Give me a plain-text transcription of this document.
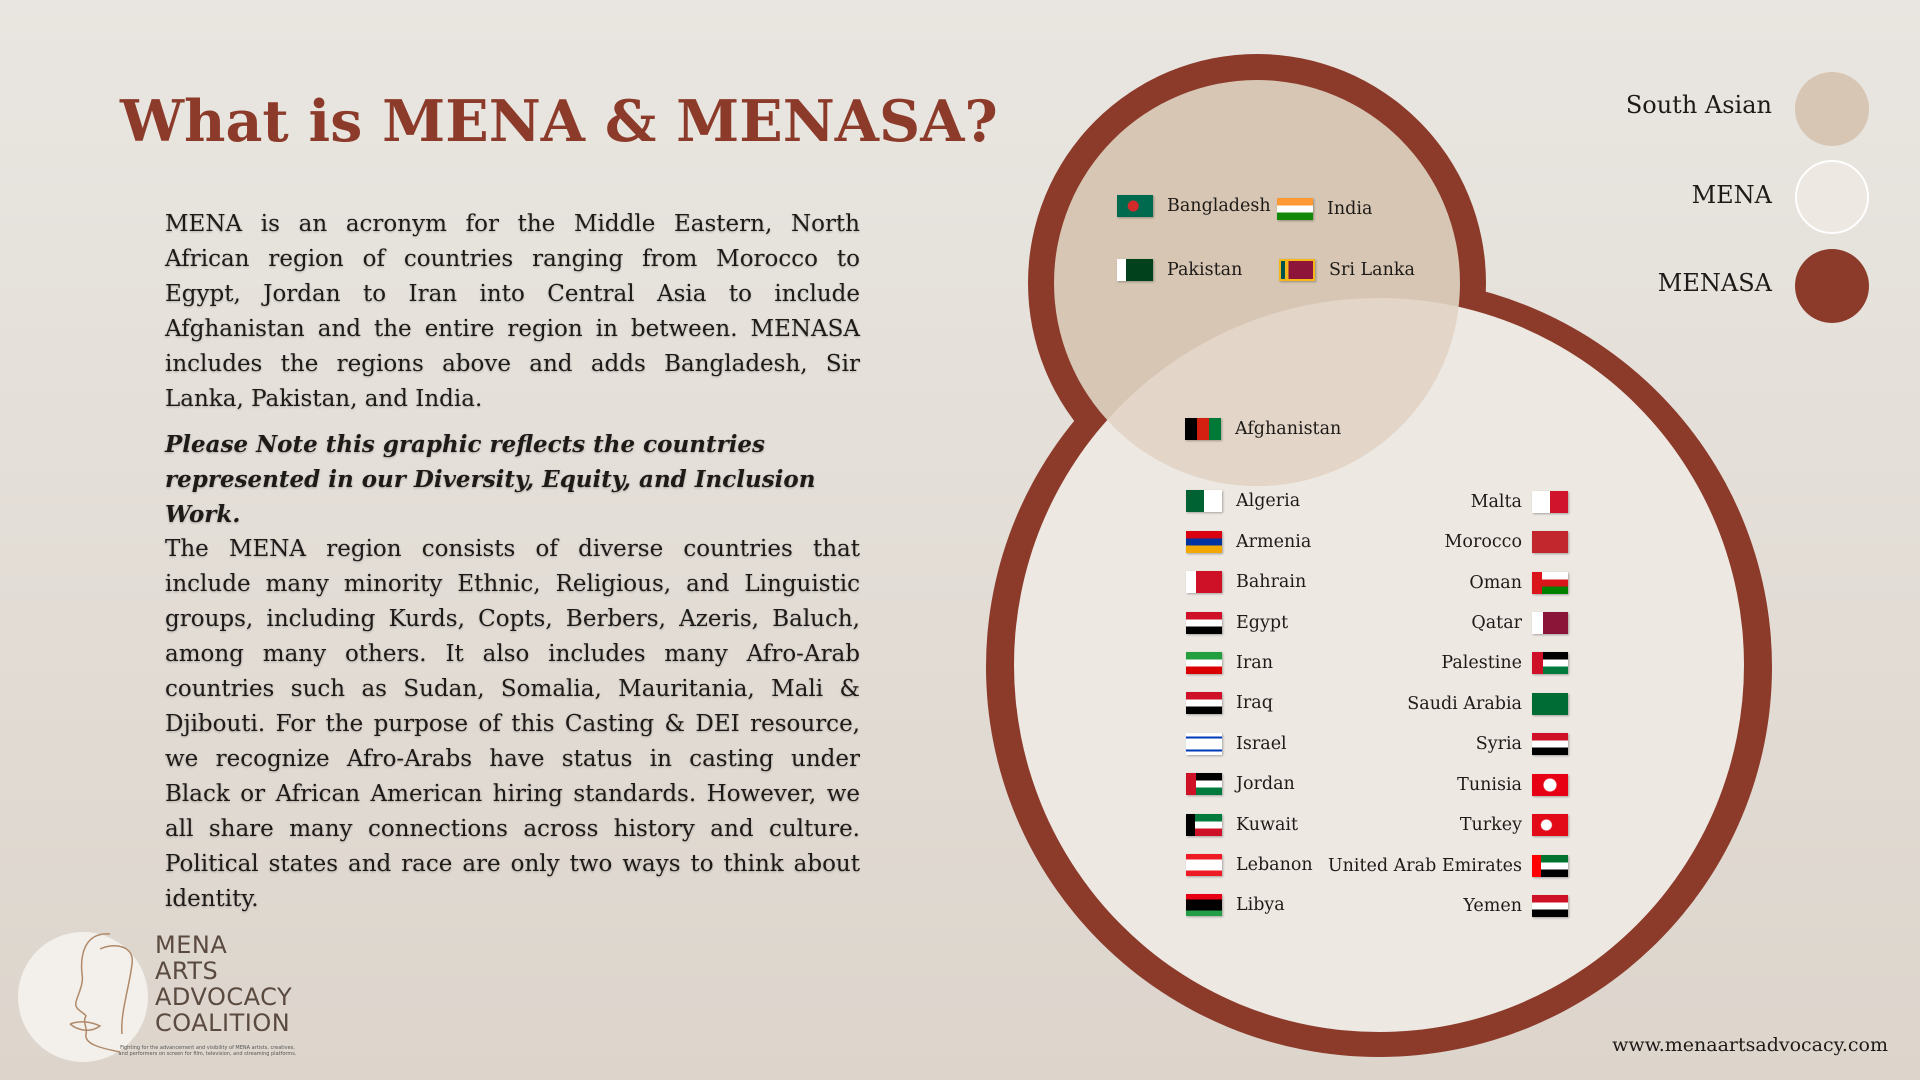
What is MENA & MENASA?

MENA is an acronym for the Middle Eastern, North African region of countries ranging from Morocco to Egypt, Jordan to Iran into Central Asia to include Afghanistan and the entire region in between. MENASA includes the regions above and adds Bangladesh, Sir Lanka, Pakistan, and India.

Please Note this graphic reflects the countries represented in our Diversity, Equity, and Inclusion Work.

The MENA region consists of diverse countries that include many minority Ethnic, Religious, and Linguistic groups, including Kurds, Copts, Berbers, Azeris, Baluch, among many others. It also includes many Afro-Arab countries such as Sudan, Somalia, Mauritania, Mali & Djibouti. For the purpose of this Casting & DEI resource, we recognize Afro-Arabs have status in casting under Black or African American hiring standards. However, we all share many connections across history and culture. Political states and race are only two ways to think about identity.

Bangladesh	India
Pakistan	Sri Lanka
Afghanistan
Algeria
Armenia
Bahrain
Egypt
Iran
Iraq
Israel
Jordan
Kuwait
Lebanon
Libya
Malta
Morocco
Oman
Qatar
Palestine
Saudi Arabia
Syria
Tunisia
Turkey
United Arab Emirates
Yemen
South Asian
MENA
MENASA
MENA
ARTS
ADVOCACY
COALITION
Fighting for the advancement and visibility of MENA artists, creatives, and performers on screen for film, television, and streaming platforms.	www.menaartsadvocacy.com
